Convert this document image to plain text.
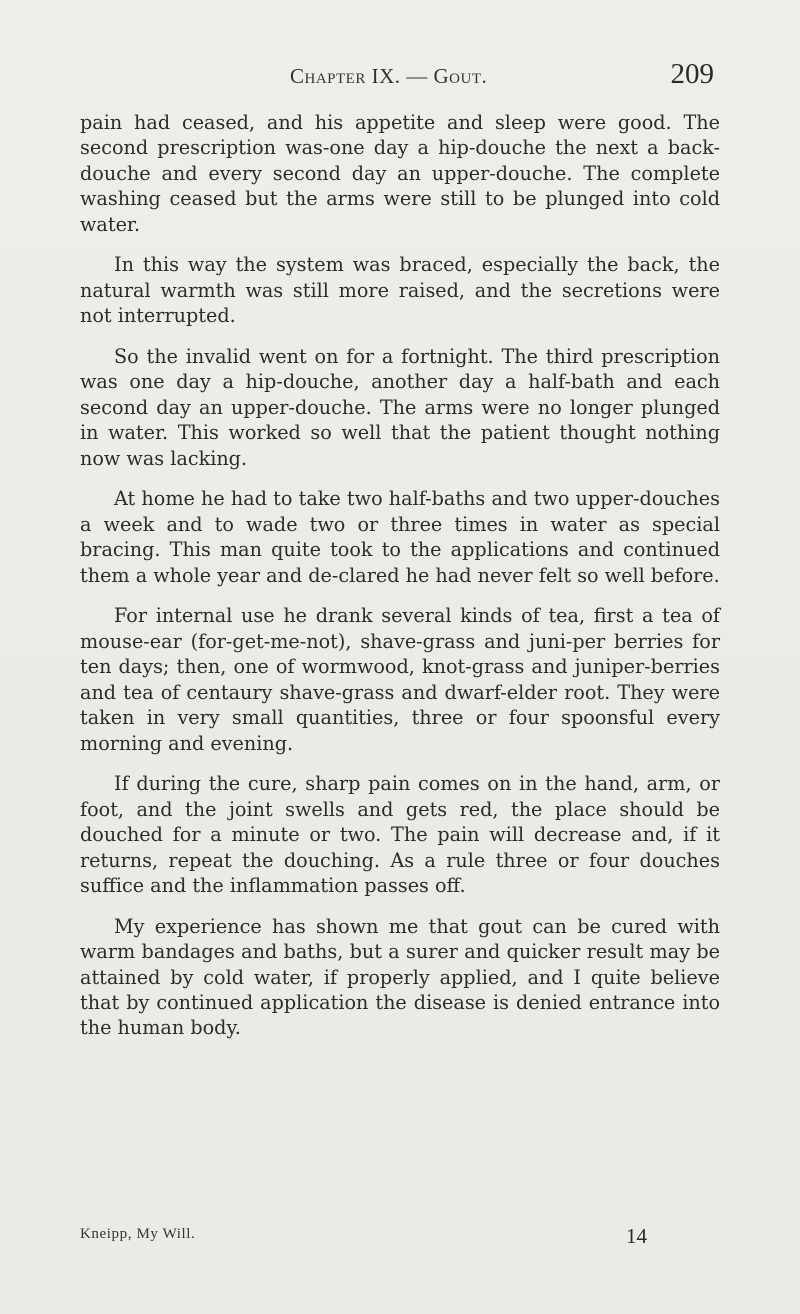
Chapter IX. — Gout.	209

pain had ceased, and his appetite and sleep were good. The second prescription was-one day a hip-douche the next a back-douche and every second day an upper-douche. The complete washing ceased but the arms were still to be plunged into cold water.

In this way the system was braced, especially the back, the natural warmth was still more raised, and the secretions were not interrupted.

So the invalid went on for a fortnight. The third prescription was one day a hip-douche, another day a half-bath and each second day an upper-douche. The arms were no longer plunged in water. This worked so well that the patient thought nothing now was lacking.

At home he had to take two half-baths and two upper-douches a week and to wade two or three times in water as special bracing. This man quite took to the applications and continued them a whole year and de-clared he had never felt so well before.

For internal use he drank several kinds of tea, first a tea of mouse-ear (for-get-me-not), shave-grass and juni-per berries for ten days; then, one of wormwood, knot-grass and juniper-berries and tea of centaury shave-grass and dwarf-elder root. They were taken in very small quantities, three or four spoonsful every morning and evening.

If during the cure, sharp pain comes on in the hand, arm, or foot, and the joint swells and gets red, the place should be douched for a minute or two. The pain will decrease and, if it returns, repeat the douching. As a rule three or four douches suffice and the inflammation passes off.

My experience has shown me that gout can be cured with warm bandages and baths, but a surer and quicker result may be attained by cold water, if properly applied, and I quite believe that by continued application the disease is denied entrance into the human body.

Kneipp, My Will.	14
